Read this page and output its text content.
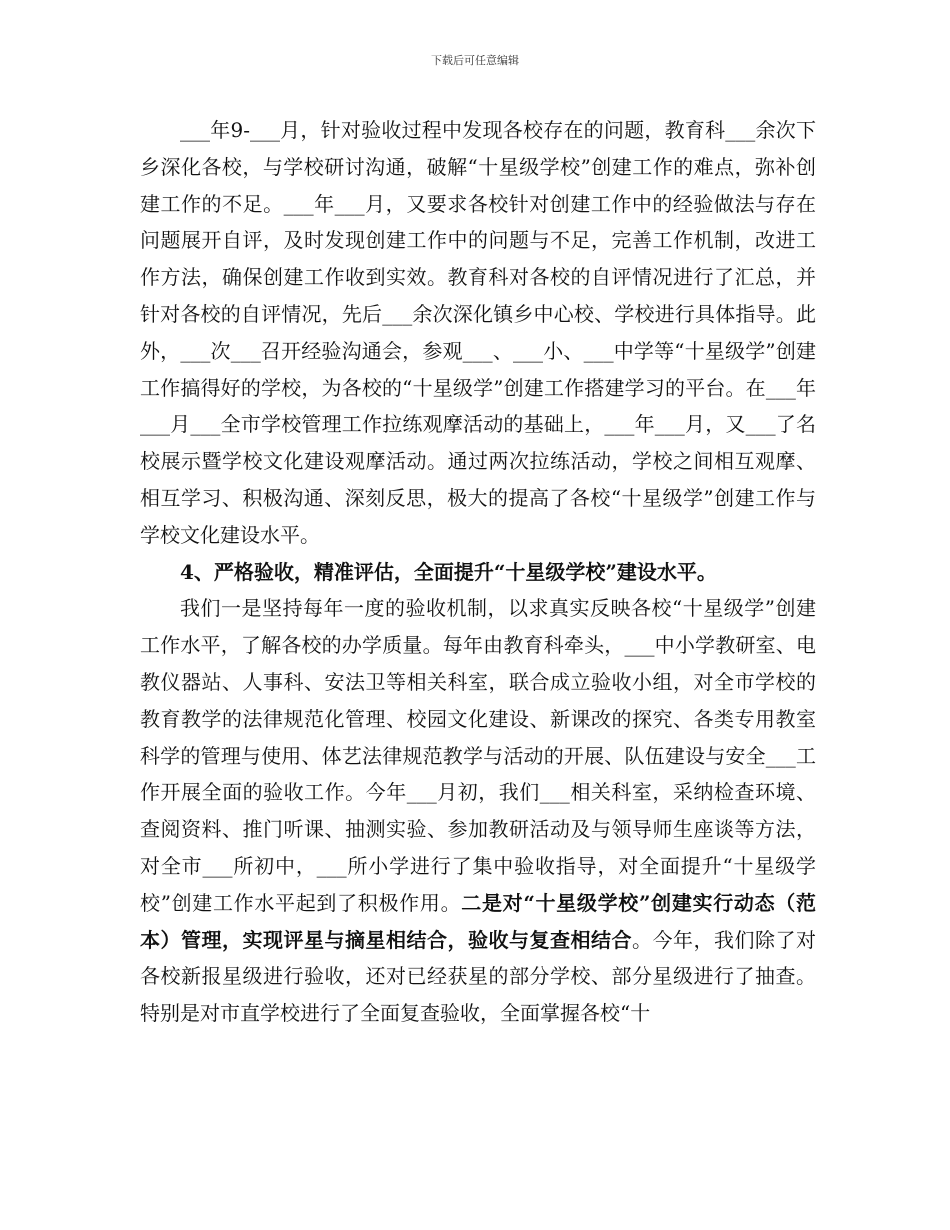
下载后可任意编辑

___年9-___月，针对验收过程中发现各校存在的问题，教育科___余次下乡深化各校，与学校研讨沟通，破解“十星级学校”创建工作的难点，弥补创建工作的不足。___年___月，又要求各校针对创建工作中的经验做法与存在问题展开自评，及时发现创建工作中的问题与不足，完善工作机制，改进工作方法，确保创建工作收到实效。教育科对各校的自评情况进行了汇总，并针对各校的自评情况，先后___余次深化镇乡中心校、学校进行具体指导。此外，___次___召开经验沟通会，参观___、___小、___中学等“十星级学”创建工作搞得好的学校，为各校的“十星级学”创建工作搭建学习的平台。在___年___月___全市学校管理工作拉练观摩活动的基础上，___年___月，又___了名校展示暨学校文化建设观摩活动。通过两次拉练活动，学校之间相互观摩、相互学习、积极沟通、深刻反思，极大的提高了各校“十星级学”创建工作与学校文化建设水平。

4、严格验收，精准评估，全面提升“十星级学校”建设水平。

我们一是坚持每年一度的验收机制，以求真实反映各校“十星级学”创建工作水平，了解各校的办学质量。每年由教育科牵头，___中小学教研室、电教仪器站、人事科、安法卫等相关科室，联合成立验收小组，对全市学校的教育教学的法律规范化管理、校园文化建设、新课改的探究、各类专用教室科学的管理与使用、体艺法律规范教学与活动的开展、队伍建设与安全___工作开展全面的验收工作。今年___月初，我们___相关科室，采纳检查环境、查阅资料、推门听课、抽测实验、参加教研活动及与领导师生座谈等方法，对全市___所初中，___所小学进行了集中验收指导，对全面提升“十星级学校”创建工作水平起到了积极作用。二是对“十星级学校”创建实行动态（范本）管理，实现评星与摘星相结合，验收与复查相结合。今年，我们除了对各校新报星级进行验收，还对已经获星的部分学校、部分星级进行了抽查。特别是对市直学校进行了全面复查验收，全面掌握各校“十
